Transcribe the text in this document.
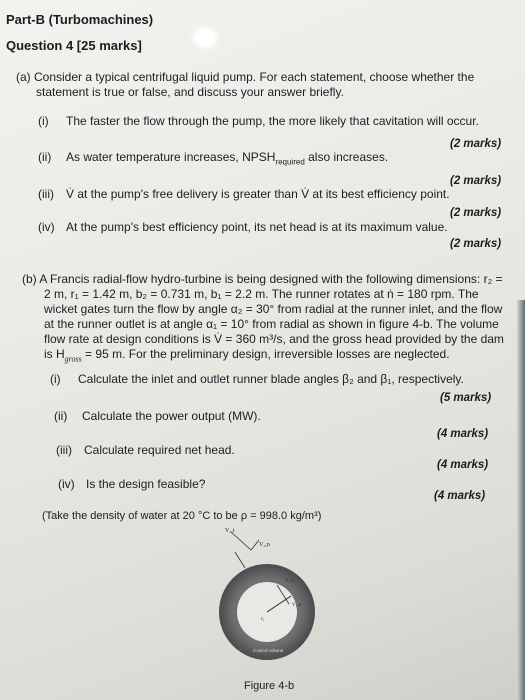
Part-B (Turbomachines)
Question 4 [25 marks]
(a) Consider a typical centrifugal liquid pump. For each statement, choose whether the
statement is true or false, and discuss your answer briefly.
(i) The faster the flow through the pump, the more likely that cavitation will occur.
(2 marks)
(ii) As water temperature increases, $NPSH_{required}$ also increases.
(2 marks)
(iii) V̇ at the pump's free delivery is greater than V̇ at its best efficiency point.
(2 marks)
(iv) At the pump's best efficiency point, its net head is at its maximum value.
(2 marks)
(b) A Francis radial-flow hydro-turbine is being designed with the following dimensions: r₂ =
2 m, r₁ = 1.42 m, b₂ = 0.731 m, b₁ = 2.2 m. The runner rotates at ṅ = 180 rpm. The
wicket gates turn the flow by angle α₂ = 30° from radial at the runner inlet, and the flow
at the runner outlet is at angle α₁ = 10° from radial as shown in figure 4-b. The volume
flow rate at design conditions is V̇ = 360 m³/s, and the gross head provided by the dam
is $H_{gross} = 95$ m. For the preliminary design, irreversible losses are neglected.
(i) Calculate the inlet and outlet runner blade angles β₂ and β₁, respectively.
(5 marks)
(ii) Calculate the power output (MW).
(4 marks)
(iii) Calculate required net head.
(4 marks)
(iv) Is the design feasible?
(4 marks)
(Take the density of water at 20 °C to be ρ = 998.0 kg/m³)
V₂,t
V₂,n
V₁,n
V₁,t
r₁
Control volume
Figure 4-b
